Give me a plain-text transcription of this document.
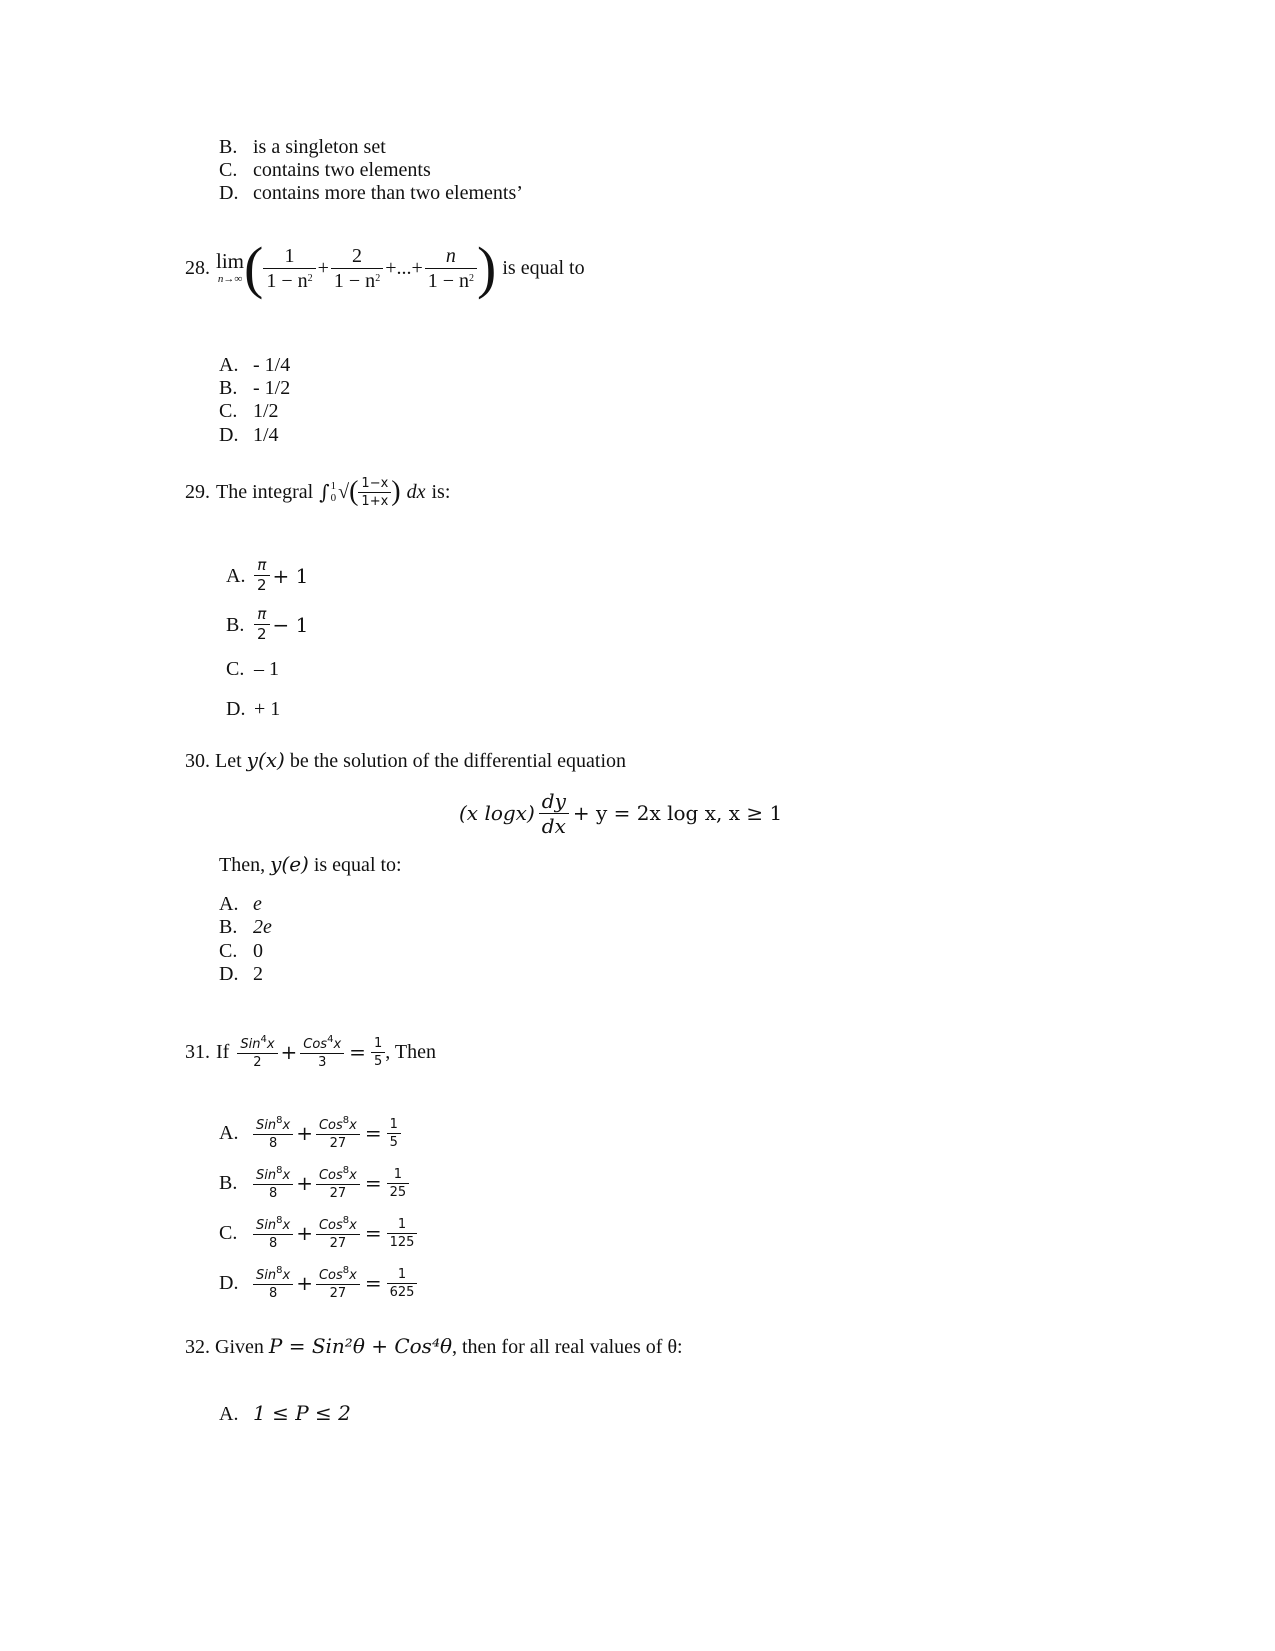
B. is a singleton set
C. contains two elements
D. contains more than two elements’
28. lim
n→∞ ( $\frac{1}{1 - n^2} + \frac{2}{1 - n^2}$ +...+ $\frac{n}{1 - n^2}$ ) is equal to
A. - 1/4
B. - 1/2
C. 1/2
D. 1/4
29. The integral ∫ 1
0 √ ( $\frac{1-x}{1+x}$ ) dx is:
A. $\frac{\pi}{2} + 1$
B. $\frac{\pi}{2} - 1$
C. – 1
D. + 1
30. Let y(x) be the solution of the differential equation
(x $\log x) \frac{dy}{dx} + y = 2x$ log x, x ≥ 1
Then, y(e) is equal to:
A. e
B. 2e
C. 0
D. 2
31. If $\frac{Sin^4x}{2} + \frac{Cos^4x}{3} = \frac{1}{5}$ , Then
A.	$\frac{Sin^8x}{8} + \frac{Cos^8x}{27} = \frac{1}{5}$
B.	$\frac{Sin^8x}{8} + \frac{Cos^8x}{27} = \frac{1}{25}$
C.	$\frac{Sin^8x}{8} + \frac{Cos^8x}{27} = \frac{1}{125}$
D.	$\frac{Sin^8x}{8} + \frac{Cos^8x}{27} = \frac{1}{625}$
32. Given P = Sin²θ + Cos⁴θ, then for all real values of θ:
A. 1 ≤ P ≤ 2
